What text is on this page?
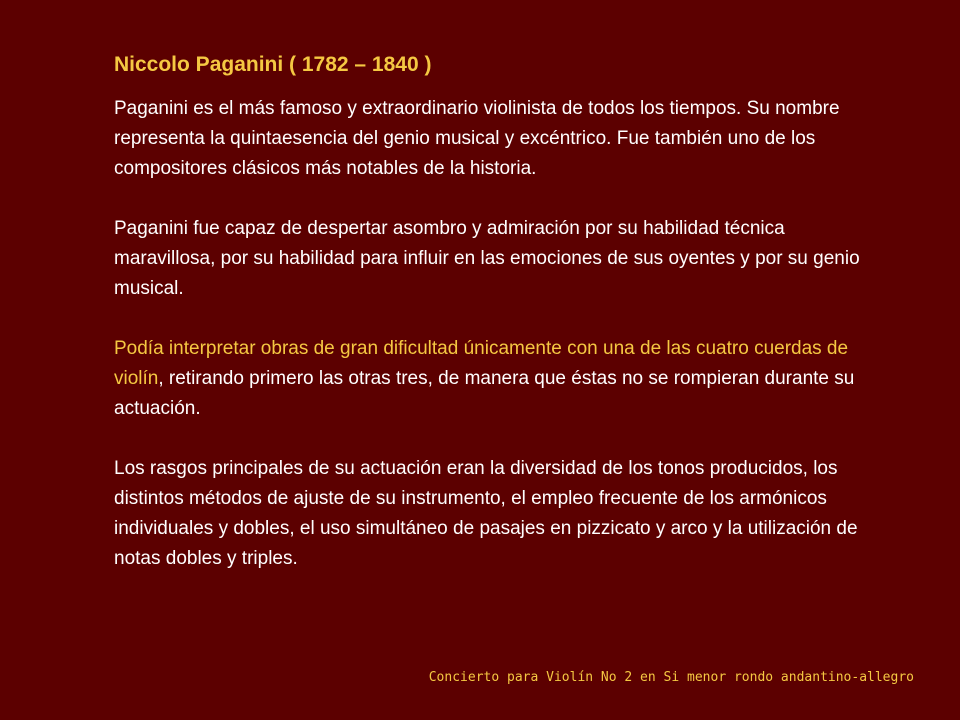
Niccolo Paganini ( 1782 – 1840 )

Paganini es el más famoso y extraordinario violinista de todos los tiempos. Su nombre representa la quintaesencia del genio musical y excéntrico. Fue también uno de los compositores clásicos más notables de la historia.

Paganini fue capaz de despertar asombro y admiración por su habilidad técnica maravillosa, por su habilidad para influir en las emociones de sus oyentes y por su genio musical.

Podía interpretar obras de gran dificultad únicamente con una de las cuatro cuerdas de violín, retirando primero las otras tres, de manera que éstas no se rompieran durante su actuación.

Los rasgos principales de su actuación eran la diversidad de los tonos producidos, los distintos métodos de ajuste de su instrumento, el empleo frecuente de los armónicos individuales y dobles, el uso simultáneo de pasajes en pizzicato y arco y la utilización de notas dobles y triples.

Concierto para Violín No 2 en Si menor rondo andantino-allegro
